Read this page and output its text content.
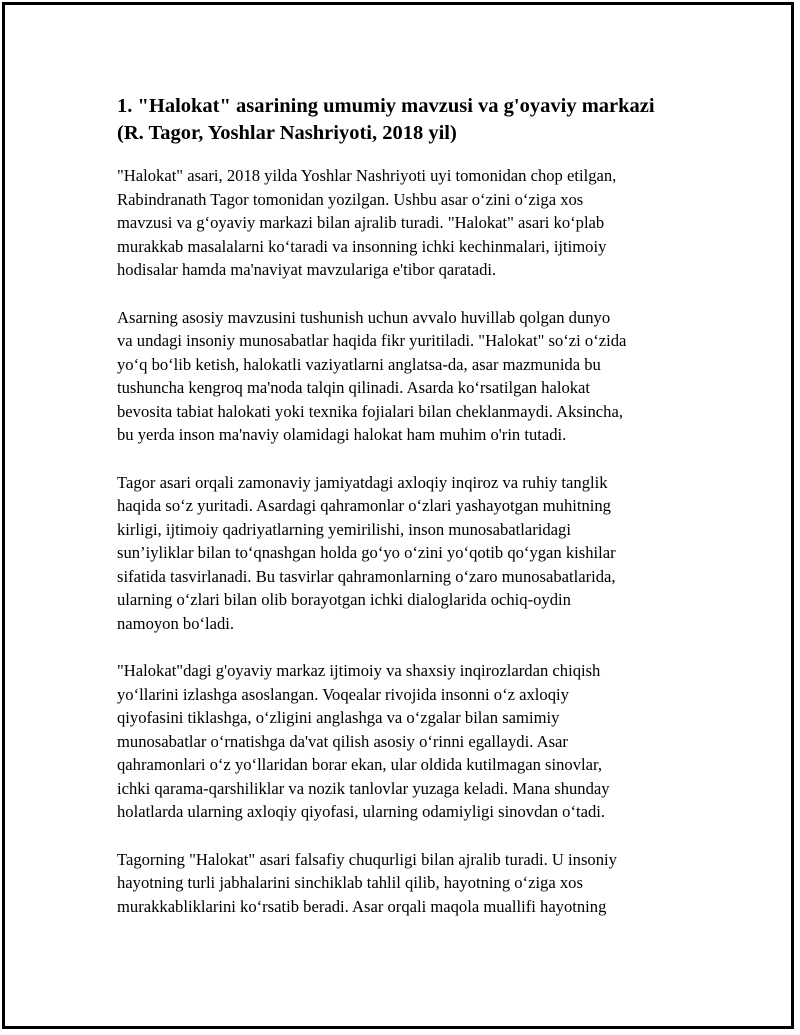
1. "Halokat" asarining umumiy mavzusi va g'oyaviy markazi
(R. Tagor, Yoshlar Nashriyoti, 2018 yil)

"Halokat" asari, 2018 yilda Yoshlar Nashriyoti uyi tomonidan chop etilgan,
Rabindranath Tagor tomonidan yozilgan. Ushbu asar o‘zini o‘ziga xos
mavzusi va g‘oyaviy markazi bilan ajralib turadi. "Halokat" asari ko‘plab
murakkab masalalarni ko‘taradi va insonning ichki kechinmalari, ijtimoiy
hodisalar hamda ma'naviyat mavzulariga e'tibor qaratadi.

Asarning asosiy mavzusini tushunish uchun avvalo huvillab qolgan dunyo
va undagi insoniy munosabatlar haqida fikr yuritiladi. "Halokat" so‘zi o‘zida
yo‘q bo‘lib ketish, halokatli vaziyatlarni anglatsa-da, asar mazmunida bu
tushuncha kengroq ma'noda talqin qilinadi. Asarda ko‘rsatilgan halokat
bevosita tabiat halokati yoki texnika fojialari bilan cheklanmaydi. Aksincha,
bu yerda inson ma'naviy olamidagi halokat ham muhim o'rin tutadi.

Tagor asari orqali zamonaviy jamiyatdagi axloqiy inqiroz va ruhiy tanglik
haqida so‘z yuritadi. Asardagi qahramonlar o‘zlari yashayotgan muhitning
kirligi, ijtimoiy qadriyatlarning yemirilishi, inson munosabatlaridagi
sun’iyliklar bilan to‘qnashgan holda go‘yo o‘zini yo‘qotib qo‘ygan kishilar
sifatida tasvirlanadi. Bu tasvirlar qahramonlarning o‘zaro munosabatlarida,
ularning o‘zlari bilan olib borayotgan ichki dialoglarida ochiq-oydin
namoyon bo‘ladi.

"Halokat"dagi g'oyaviy markaz ijtimoiy va shaxsiy inqirozlardan chiqish
yo‘llarini izlashga asoslangan. Voqealar rivojida insonni o‘z axloqiy
qiyofasini tiklashga, o‘zligini anglashga va o‘zgalar bilan samimiy
munosabatlar o‘rnatishga da'vat qilish asosiy o‘rinni egallaydi. Asar
qahramonlari o‘z yo‘llaridan borar ekan, ular oldida kutilmagan sinovlar,
ichki qarama-qarshiliklar va nozik tanlovlar yuzaga keladi. Mana shunday
holatlarda ularning axloqiy qiyofasi, ularning odamiyligi sinovdan o‘tadi.

Tagorning "Halokat" asari falsafiy chuqurligi bilan ajralib turadi. U insoniy
hayotning turli jabhalarini sinchiklab tahlil qilib, hayotning o‘ziga xos
murakkabliklarini ko‘rsatib beradi. Asar orqali maqola muallifi hayotning
